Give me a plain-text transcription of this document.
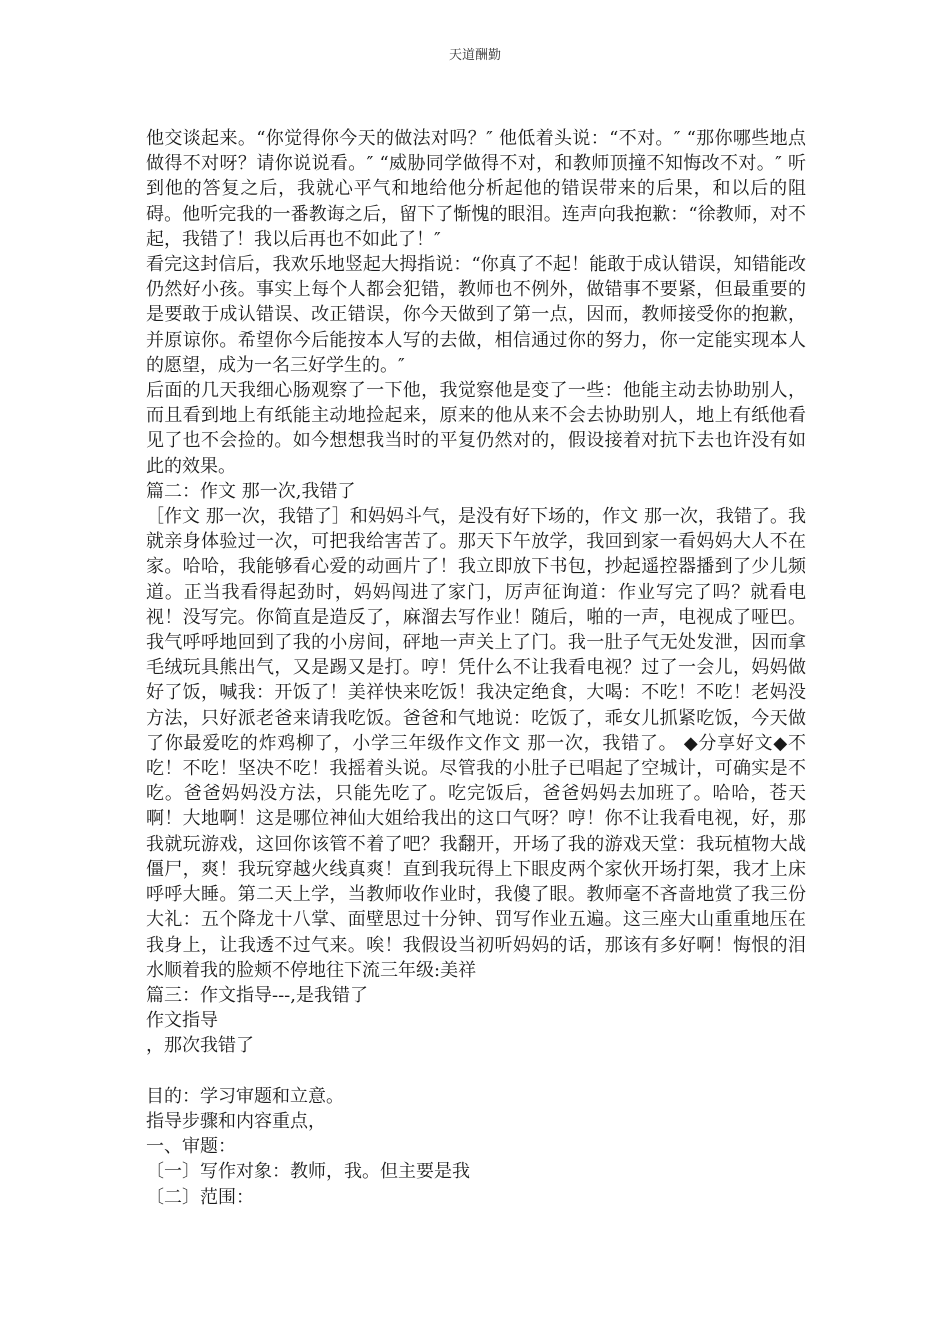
天道酬勤

他交谈起来。“你觉得你今天的做法对吗？″ 他低着头说：“不对。″ “那你哪些地点做得不对呀？请你说说看。″ “威胁同学做得不对，和教师顶撞不知悔改不对。″ 听到他的答复之后，我就心平气和地给他分析起他的错误带来的后果，和以后的阻碍。他听完我的一番教诲之后，留下了惭愧的眼泪。连声向我抱歉：“徐教师，对不起，我错了！我以后再也不如此了！″

看完这封信后，我欢乐地竖起大拇指说：“你真了不起！能敢于成认错误，知错能改仍然好小孩。事实上每个人都会犯错，教师也不例外，做错事不要紧，但最重要的是要敢于成认错误、改正错误，你今天做到了第一点，因而，教师接受你的抱歉，并原谅你。希望你今后能按本人写的去做，相信通过你的努力，你一定能实现本人的愿望，成为一名三好学生的。″

后面的几天我细心肠观察了一下他，我觉察他是变了一些：他能主动去协助别人，而且看到地上有纸能主动地捡起来，原来的他从来不会去协助别人，地上有纸他看见了也不会捡的。如今想想我当时的平复仍然对的，假设接着对抗下去也许没有如此的效果。

篇二：作文 那一次,我错了

［作文 那一次，我错了］和妈妈斗气，是没有好下场的，作文 那一次，我错了。我就亲身体验过一次，可把我给害苦了。那天下午放学，我回到家一看妈妈大人不在家。哈哈，我能够看心爱的动画片了！我立即放下书包，抄起遥控器播到了少儿频道。正当我看得起劲时，妈妈闯进了家门，厉声征询道：作业写完了吗？就看电视！没写完。你简直是造反了，麻溜去写作业！随后，啪的一声，电视成了哑巴。我气呼呼地回到了我的小房间，砰地一声关上了门。我一肚子气无处发泄，因而拿毛绒玩具熊出气，又是踢又是打。哼！凭什么不让我看电视？过了一会儿，妈妈做好了饭，喊我：开饭了！美祥快来吃饭！我决定绝食，大喝：不吃！不吃！老妈没方法，只好派老爸来请我吃饭。爸爸和气地说：吃饭了，乖女儿抓紧吃饭，今天做了你最爱吃的炸鸡柳了，小学三年级作文作文 那一次，我错了。 ◆分享好文◆不吃！不吃！坚决不吃！我摇着头说。尽管我的小肚子已唱起了空城计，可确实是不吃。爸爸妈妈没方法，只能先吃了。吃完饭后，爸爸妈妈去加班了。哈哈，苍天啊！大地啊！这是哪位神仙大姐给我出的这口气呀？哼！你不让我看电视，好，那我就玩游戏，这回你该管不着了吧？我翻开，开场了我的游戏天堂：我玩植物大战僵尸，爽！我玩穿越火线真爽！直到我玩得上下眼皮两个家伙开场打架，我才上床呼呼大睡。第二天上学，当教师收作业时，我傻了眼。教师毫不吝啬地赏了我三份大礼：五个降龙十八掌、面壁思过十分钟、罚写作业五遍。这三座大山重重地压在我身上，让我透不过气来。唉！我假设当初听妈妈的话，那该有多好啊！悔恨的泪水顺着我的脸颊不停地往下流三年级:美祥

篇三：作文指导---,是我错了

作文指导

，那次我错了

目的：学习审题和立意。

指导步骤和内容重点，

一、审题：

〔一〕写作对象：教师，我。但主要是我

〔二〕范围：
